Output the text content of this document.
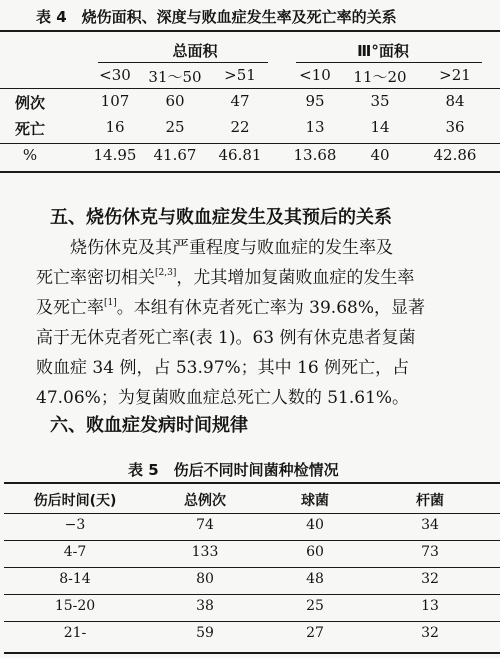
表 4　烧伤面积、深度与败血症发生率及死亡率的关系
总面积	Ⅲ°面积
<30	31～50	>51	<10	11～20	>21
例次	107	60	47	95	35	84
死亡	16	25	22	13	14	36
%	14.95	41.67	46.81	13.68	40	42.86
五、烧伤休克与败血症发生及其预后的关系
烧伤休克及其严重程度与败血症的发生率及
死亡率密切相关[2,3]，尤其增加复菌败血症的发生率
及死亡率[1]。本组有休克者死亡率为 39.68%，显著
高于无休克者死亡率(表 1)。63 例有休克患者复菌
败血症 34 例，占 53.97%；其中 16 例死亡，占
47.06%；为复菌败血症总死亡人数的 51.61%。
六、败血症发病时间规律
表 5　伤后不同时间菌种检情况
伤后时间(天)	总例次	球菌	杆菌
−3	74	40	34
4-7	133	60	73
8-14	80	48	32
15-20	38	25	13
21-	59	27	32
